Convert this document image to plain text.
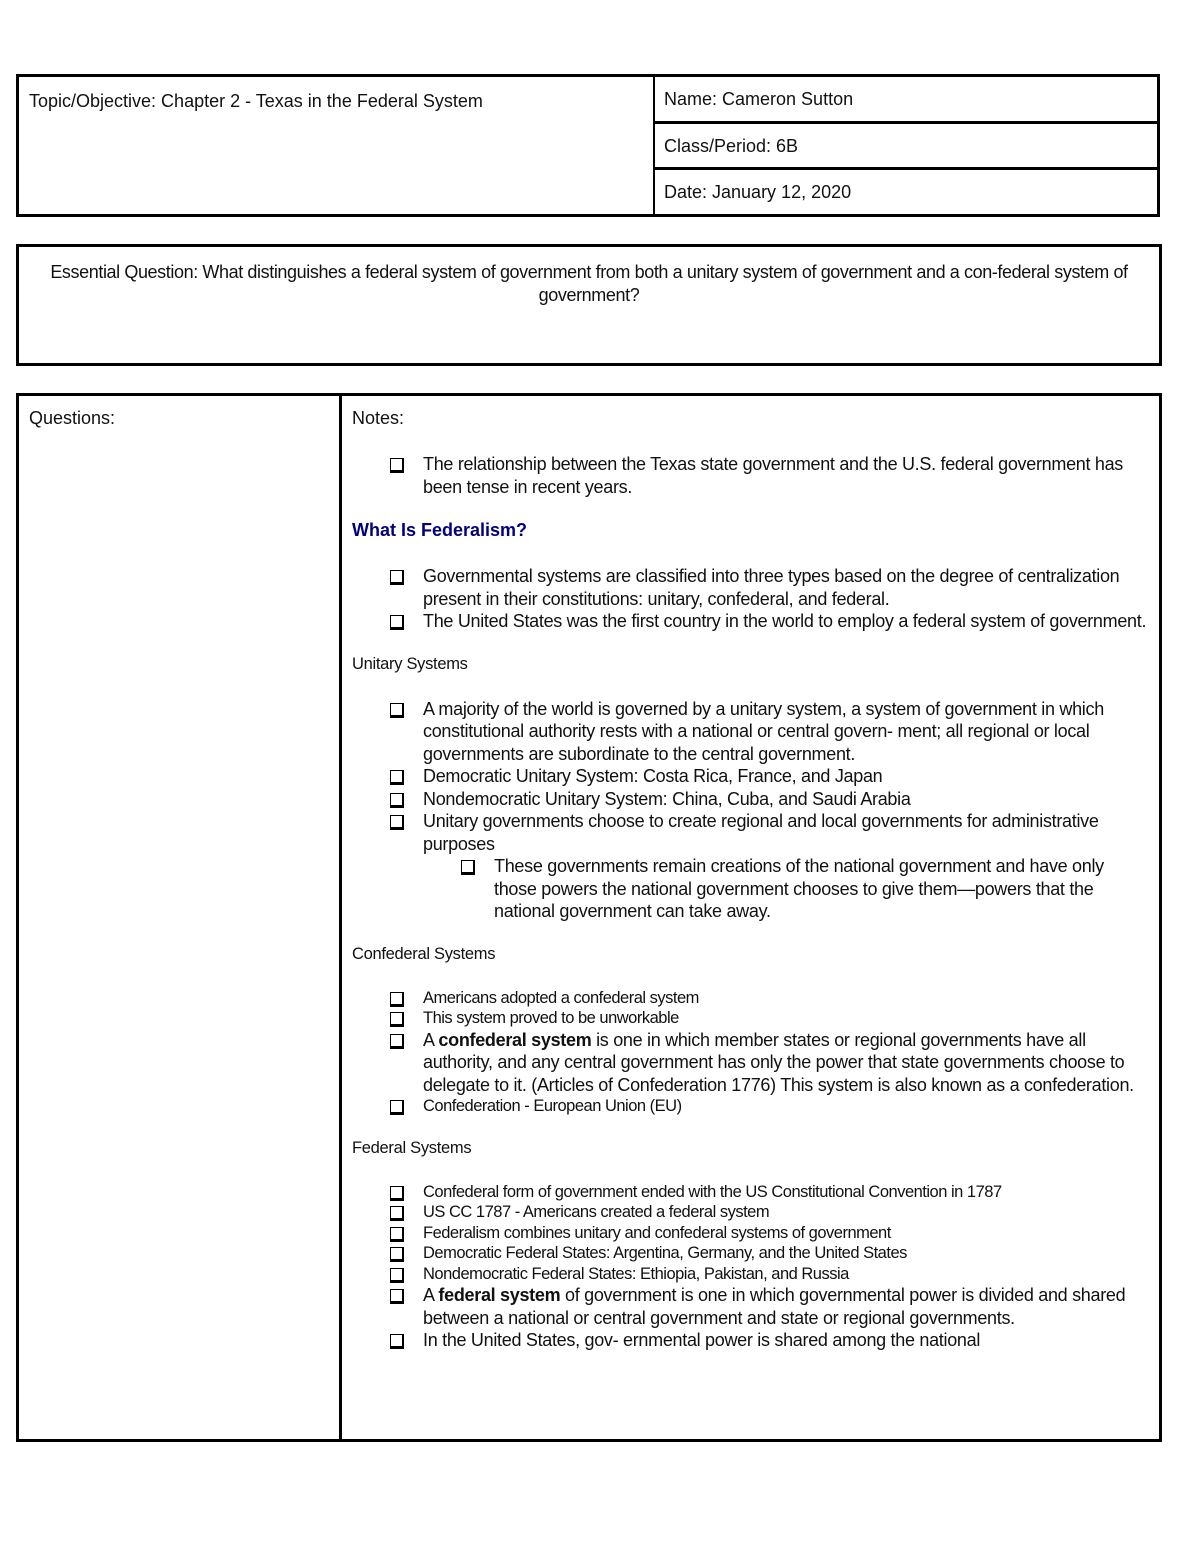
Topic/Objective: Chapter 2 - Texas in the Federal System	Name: Cameron Sutton
Class/Period: 6B
Date: January 12, 2020
Essential Question: What distinguishes a federal system of government from both a unitary system of government and a con-federal system of government?
Questions:	Notes:
The relationship between the Texas state government and the U.S. federal government has been tense in recent years.
What Is Federalism?
Governmental systems are classified into three types based on the degree of centralization present in their constitutions: unitary, confederal, and federal.
The United States was the first country in the world to employ a federal system of government.
Unitary Systems
A majority of the world is governed by a unitary system, a system of government in which constitutional authority rests with a national or central govern- ment; all regional or local governments are subordinate to the central government.
Democratic Unitary System: Costa Rica, France, and Japan
Nondemocratic Unitary System: China, Cuba, and Saudi Arabia
Unitary governments choose to create regional and local governments for administrative purposes
These governments remain creations of the national government and have only those powers the national government chooses to give them—powers that the national government can take away.
Confederal Systems
Americans adopted a confederal system
This system proved to be unworkable
A confederal system is one in which member states or regional governments have all authority, and any central government has only the power that state governments choose to delegate to it. (Articles of Confederation 1776) This system is also known as a confederation.
Confederation - European Union (EU)
Federal Systems
Confederal form of government ended with the US Constitutional Convention in 1787
US CC 1787 - Americans created a federal system
Federalism combines unitary and confederal systems of government
Democratic Federal States: Argentina, Germany, and the United States
Nondemocratic Federal States: Ethiopia, Pakistan, and Russia
A federal system of government is one in which governmental power is divided and shared between a national or central government and state or regional governments.
In the United States, gov- ernmental power is shared among the national
